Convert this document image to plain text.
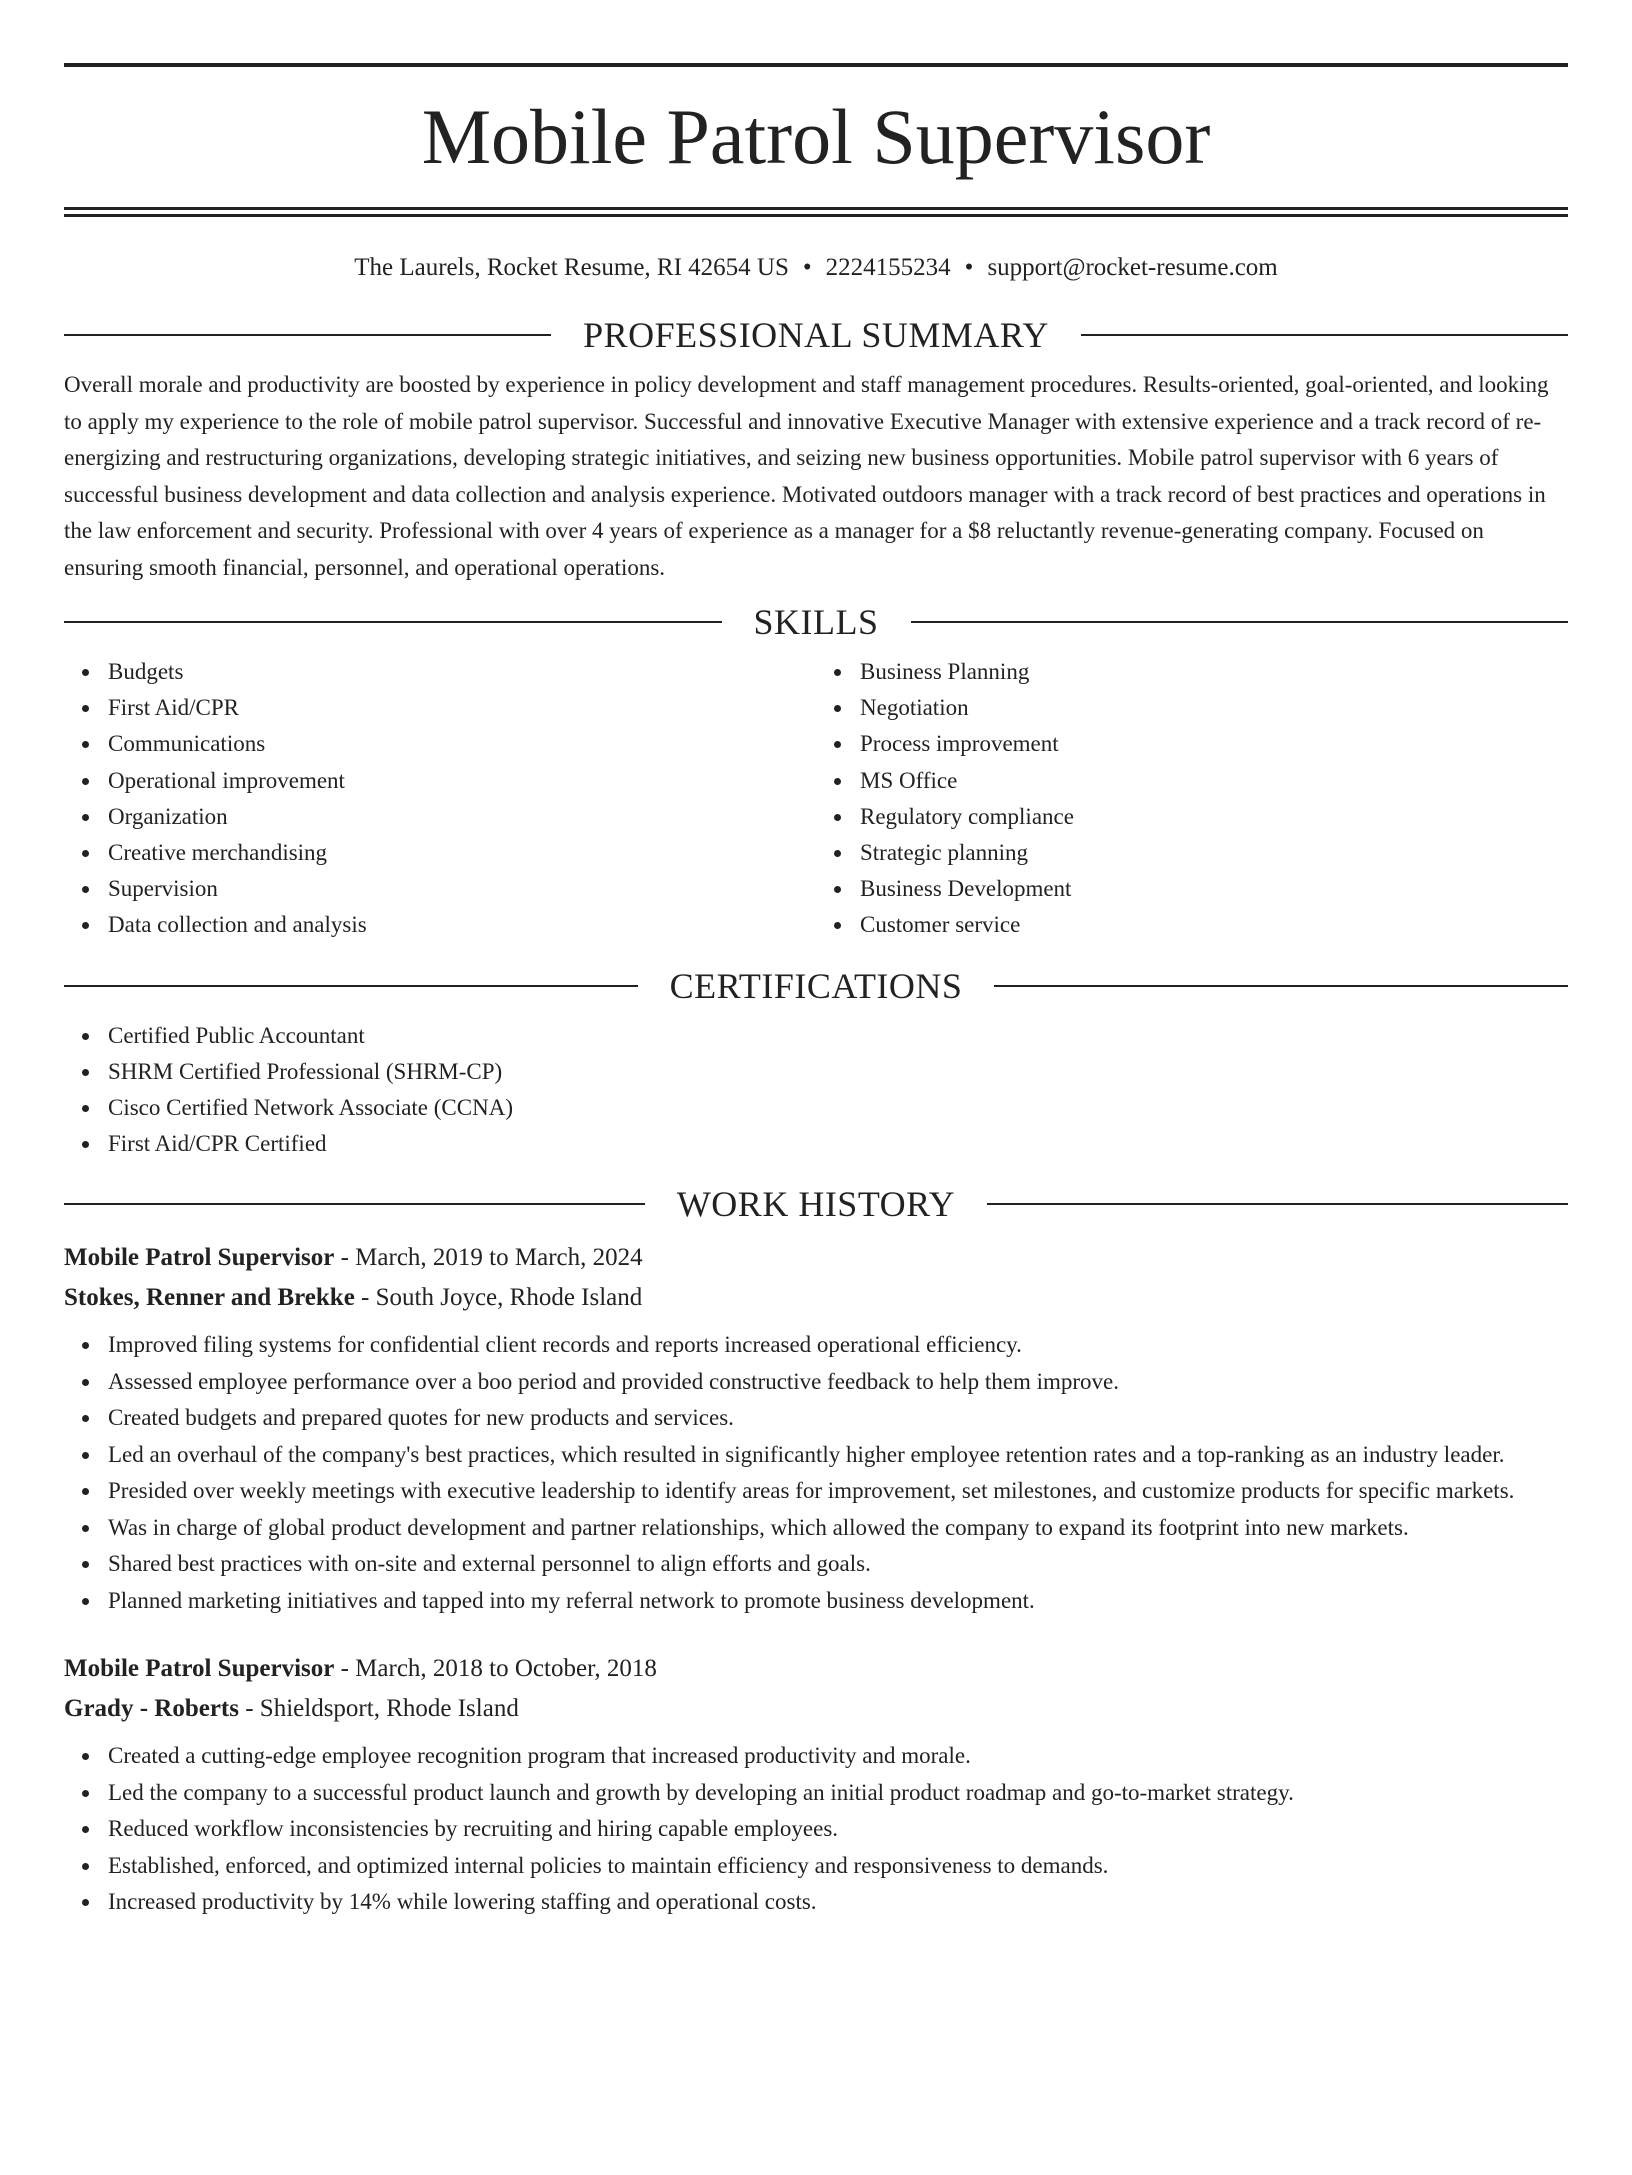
Mobile Patrol Supervisor
The Laurels, Rocket Resume, RI 42654 US • 2224155234 • support@rocket-resume.com
PROFESSIONAL SUMMARY

Overall morale and productivity are boosted by experience in policy development and staff management procedures. Results-oriented, goal-oriented, and looking to apply my experience to the role of mobile patrol supervisor. Successful and innovative Executive Manager with extensive experience and a track record of re-energizing and restructuring organizations, developing strategic initiatives, and seizing new business opportunities. Mobile patrol supervisor with 6 years of successful business development and data collection and analysis experience. Motivated outdoors manager with a track record of best practices and operations in the law enforcement and security. Professional with over 4 years of experience as a manager for a $8 reluctantly revenue-generating company. Focused on ensuring smooth financial, personnel, and operational operations.

SKILLS
Budgets
First Aid/CPR
Communications
Operational improvement
Organization
Creative merchandising
Supervision
Data collection and analysis
Business Planning
Negotiation
Process improvement
MS Office
Regulatory compliance
Strategic planning
Business Development
Customer service
CERTIFICATIONS
Certified Public Accountant
SHRM Certified Professional (SHRM-CP)
Cisco Certified Network Associate (CCNA)
First Aid/CPR Certified
WORK HISTORY
Mobile Patrol Supervisor - March, 2019 to March, 2024
Stokes, Renner and Brekke - South Joyce, Rhode Island
Improved filing systems for confidential client records and reports increased operational efficiency.
Assessed employee performance over a boo period and provided constructive feedback to help them improve.
Created budgets and prepared quotes for new products and services.
Led an overhaul of the company's best practices, which resulted in significantly higher employee retention rates and a top-ranking as an industry leader.
Presided over weekly meetings with executive leadership to identify areas for improvement, set milestones, and customize products for specific markets.
Was in charge of global product development and partner relationships, which allowed the company to expand its footprint into new markets.
Shared best practices with on-site and external personnel to align efforts and goals.
Planned marketing initiatives and tapped into my referral network to promote business development.
Mobile Patrol Supervisor - March, 2018 to October, 2018
Grady - Roberts - Shieldsport, Rhode Island
Created a cutting-edge employee recognition program that increased productivity and morale.
Led the company to a successful product launch and growth by developing an initial product roadmap and go-to-market strategy.
Reduced workflow inconsistencies by recruiting and hiring capable employees.
Established, enforced, and optimized internal policies to maintain efficiency and responsiveness to demands.
Increased productivity by 14% while lowering staffing and operational costs.
